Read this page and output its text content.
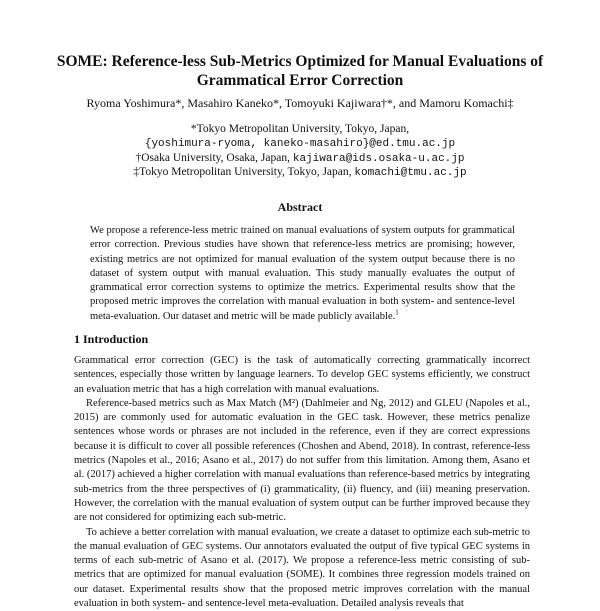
SOME: Reference-less Sub-Metrics Optimized for Manual Evaluations of Grammatical Error Correction
Ryoma Yoshimura*, Masahiro Kaneko*, Tomoyuki Kajiwara†*, and Mamoru Komachi‡
*Tokyo Metropolitan University, Tokyo, Japan,
{yoshimura-ryoma, kaneko-masahiro}@ed.tmu.ac.jp
†Osaka University, Osaka, Japan, kajiwara@ids.osaka-u.ac.jp
‡Tokyo Metropolitan University, Tokyo, Japan, komachi@tmu.ac.jp
Abstract
We propose a reference-less metric trained on manual evaluations of system outputs for grammatical error correction. Previous studies have shown that reference-less metrics are promising; however, existing metrics are not optimized for manual evaluation of the system output because there is no dataset of system output with manual evaluation. This study manually evaluates the output of grammatical error correction systems to optimize the metrics. Experimental results show that the proposed metric improves the correlation with manual evaluation in both system- and sentence-level meta-evaluation. Our dataset and metric will be made publicly available.$^1$
1 Introduction

Grammatical error correction (GEC) is the task of automatically correcting grammatically incorrect sentences, especially those written by language learners. To develop GEC systems efficiently, we construct an evaluation metric that has a high correlation with manual evaluations.

Reference-based metrics such as Max Match (M²) (Dahlmeier and Ng, 2012) and GLEU (Napoles et al., 2015) are commonly used for automatic evaluation in the GEC task. However, these metrics penalize sentences whose words or phrases are not included in the reference, even if they are correct expressions because it is difficult to cover all possible references (Choshen and Abend, 2018). In contrast, reference-less metrics (Napoles et al., 2016; Asano et al., 2017) do not suffer from this limitation. Among them, Asano et al. (2017) achieved a higher correlation with manual evaluations than reference-based metrics by integrating sub-metrics from the three perspectives of (i) grammaticality, (ii) fluency, and (iii) meaning preservation. However, the correlation with the manual evaluation of system output can be further improved because they are not considered for optimizing each sub-metric.

To achieve a better correlation with manual evaluation, we create a dataset to optimize each sub-metric to the manual evaluation of GEC systems. Our annotators evaluated the output of five typical GEC systems in terms of each sub-metric of Asano et al. (2017). We propose a reference-less metric consisting of sub-metrics that are optimized for manual evaluation (SOME). It combines three regression models trained on our dataset. Experimental results show that the proposed metric improves correlation with the manual evaluation in both system- and sentence-level meta-evaluation. Detailed analysis reveals that
